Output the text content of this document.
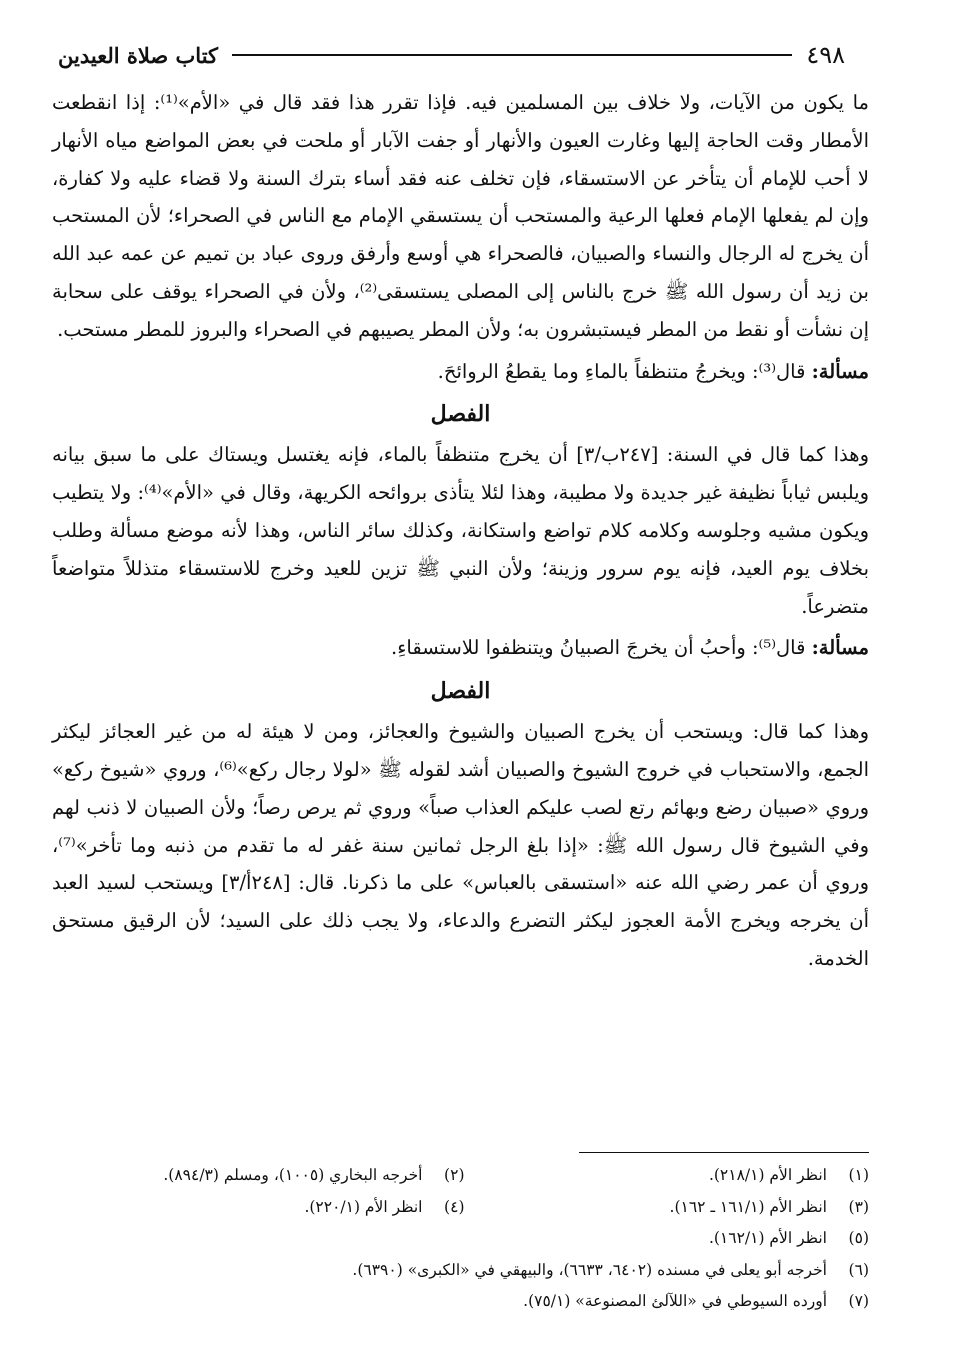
٤٩٨
كتاب صلاة العيدين

ما يكون من الآيات، ولا خلاف بين المسلمين فيه. فإذا تقرر هذا فقد قال في «الأم»⁽¹⁾: إذا انقطعت الأمطار وقت الحاجة إليها وغارت العيون والأنهار أو جفت الآبار أو ملحت في بعض المواضع مياه الأنهار لا أحب للإمام أن يتأخر عن الاستسقاء، فإن تخلف عنه فقد أساء بترك السنة ولا قضاء عليه ولا كفارة، وإن لم يفعلها الإمام فعلها الرعية والمستحب أن يستسقي الإمام مع الناس في الصحراء؛ لأن المستحب أن يخرج له الرجال والنساء والصبيان، فالصحراء هي أوسع وأرفق وروى عباد بن تميم عن عمه عبد الله بن زيد أن رسول الله ﷺ خرج بالناس إلى المصلى يستسقى⁽²⁾، ولأن في الصحراء يوقف على سحابة إن نشأت أو نقط من المطر فيستبشرون به؛ ولأن المطر يصيبهم في الصحراء والبروز للمطر مستحب.

مسألة: قال⁽³⁾: ويخرجُ متنظفاً بالماءِ وما يقطعُ الروائحَ.

الفصل

وهذا كما قال في السنة: [٢٤٧ب/٣] أن يخرج متنظفاً بالماء، فإنه يغتسل ويستاك على ما سبق بيانه ويلبس ثياباً نظيفة غير جديدة ولا مطيبة، وهذا لئلا يتأذى بروائحه الكريهة، وقال في «الأم»⁽⁴⁾: ولا يتطيب ويكون مشيه وجلوسه وكلامه كلام تواضع واستكانة، وكذلك سائر الناس، وهذا لأنه موضع مسألة وطلب بخلاف يوم العيد، فإنه يوم سرور وزينة؛ ولأن النبي ﷺ تزين للعيد وخرج للاستسقاء متذللاً متواضعاً متضرعاً.

مسألة: قال⁽⁵⁾: وأحبُ أن يخرجَ الصبيانُ ويتنظفوا للاستسقاءِ.

الفصل

وهذا كما قال: ويستحب أن يخرج الصبيان والشيوخ والعجائز، ومن لا هيئة له من غير العجائز ليكثر الجمع، والاستحباب في خروج الشيوخ والصبيان أشد لقوله ﷺ «لولا رجال ركع»⁽⁶⁾، وروي «شيوخ ركع» وروي «صبيان رضع وبهائم رتع لصب عليكم العذاب صباً» وروي ثم يرص رصاً؛ ولأن الصبيان لا ذنب لهم وفي الشيوخ قال رسول الله ﷺ: «إذا بلغ الرجل ثمانين سنة غفر له ما تقدم من ذنبه وما تأخر»⁽⁷⁾، وروي أن عمر رضي الله عنه «استسقى بالعباس» على ما ذكرنا. قال: [٢٤٨أ/٣] ويستحب لسيد العبد أن يخرجه ويخرج الأمة العجوز ليكثر التضرع والدعاء، ولا يجب ذلك على السيد؛ لأن الرقيق مستحق الخدمة.

(١)
انظر الأم (٢١٨/١).
(٢)
أخرجه البخاري (١٠٠٥)، ومسلم (٨٩٤/٣).
(٣)
انظر الأم (١٦١/١ ـ ١٦٢).
(٤)
انظر الأم (٢٢٠/١).
(٥)
انظر الأم (١٦٢/١).
(٦)
أخرجه أبو يعلى في مسنده (٦٤٠٢، ٦٦٣٣)، والبيهقي في «الكبرى» (٦٣٩٠).
(٧)
أورده السيوطي في «اللآلئ المصنوعة» (٧٥/١).
